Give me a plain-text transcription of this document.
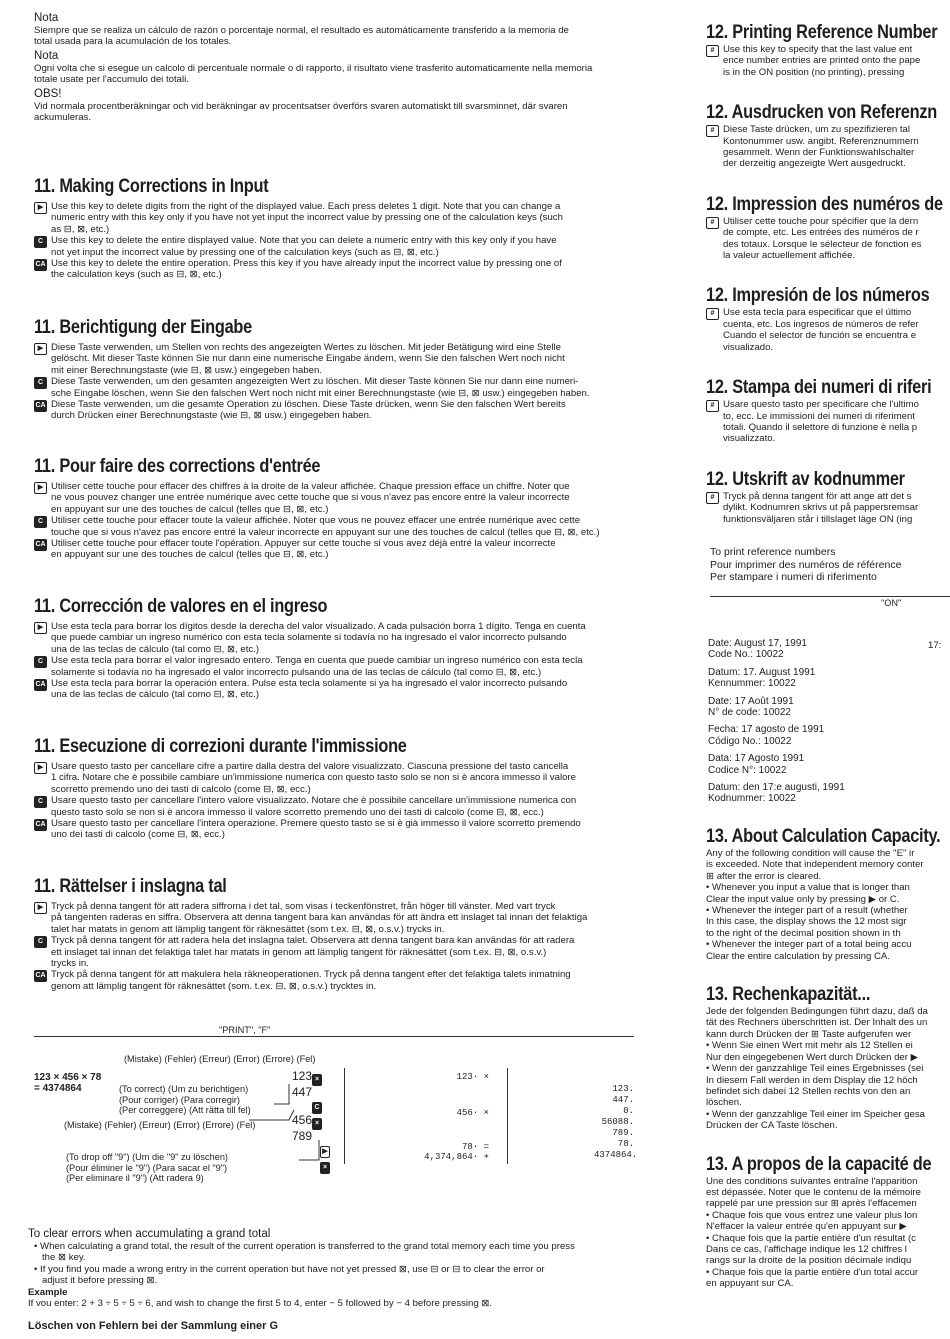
Nota
Siempre que se realiza un cálculo de razón o porcentaje normal, el resultado es automáticamente transferido a la memoria de
total usada para la acumulación de los totales.
Nota
Ogni volta che si esegue un calcolo di percentuale normale o di rapporto, il risultato viene trasferito automaticamente nella memoria
totale usate per l'accumulo dei totali.
OBS!
Vid normala procentberäkningar och vid beräkningar av procentsatser överförs svaren automatiskt till svarsminnet, där svaren
ackumuleras.
11. Making Corrections in Input
▶ Use this key to delete digits from the right of the displayed value. Each press deletes 1 digit. Note that you can change a
numeric entry with this key only if you have not yet input the incorrect value by pressing one of the calculation keys (such
as ⊟, ⊠, etc.)
C Use this key to delete the entire displayed value. Note that you can delete a numeric entry with this key only if you have
not yet input the incorrect value by pressing one of the calculation keys (such as ⊟, ⊠, etc.)
CA Use this key to delete the entire operation. Press this key if you have already input the incorrect value by pressing one of
the calculation keys (such as ⊟, ⊠, etc.)
11. Berichtigung der Eingabe
▶ Diese Taste verwenden, um Stellen von rechts des angezeigten Wertes zu löschen. Mit jeder Betätigung wird eine Stelle
gelöscht. Mit dieser Taste können Sie nur dann eine numerische Eingabe ändern, wenn Sie den falschen Wert noch nicht
mit einer Berechnungstaste (wie ⊟, ⊠ usw.) eingegeben haben.
C Diese Taste verwenden, um den gesamten angezeigten Wert zu löschen. Mit dieser Taste können Sie nur dann eine numeri-
sche Eingabe löschen, wenn Sie den falschen Wert noch nicht mit einer Berechnungstaste (wie ⊟, ⊠ usw.) eingegeben haben.
CA Diese Taste verwenden, um die gesamte Operation zu löschen. Diese Taste drücken, wenn Sie den falschen Wert bereits
durch Drücken einer Berechnungstaste (wie ⊟, ⊠ usw.) eingegeben haben.
11. Pour faire des corrections d'entrée
▶ Utiliser cette touche pour effacer des chiffres à la droite de la valeur affichée. Chaque pression efface un chiffre. Noter que
ne vous pouvez changer une entrée numérique avec cette touche que si vous n'avez pas encore entré la valeur incorrecte
en appuyant sur une des touches de calcul (telles que ⊟, ⊠, etc.)
C Utiliser cette touche pour effacer toute la valeur affichée. Noter que vous ne pouvez effacer une entrée numérique avec cette
touche que si vous n'avez pas encore entré la valeur incorrecte en appuyant sur une des touches de calcul (telles que ⊟, ⊠, etc.)
CA Utiliser cette touche pour effacer toute l'opération. Appuyer sur cette touche si vous avez déjà entré la valeur incorrecte
en appuyant sur une des touches de calcul (telles que ⊟, ⊠, etc.)
11. Corrección de valores en el ingreso
▶ Use esta tecla para borrar los dígitos desde la derecha del valor visualizado. A cada pulsación borra 1 dígito. Tenga en cuenta
que puede cambiar un ingreso numérico con esta tecla solamente si todavía no ha ingresado el valor incorrecto pulsando
una de las teclas de cálculo (tal como ⊟, ⊠, etc.)
C Use esta tecla para borrar el valor ingresado entero. Tenga en cuenta que puede cambiar un ingreso numérico con esta tecla
solamente si todavía no ha ingresado el valor incorrecto pulsando una de las teclas de cálculo (tal como ⊟, ⊠, etc.)
CA Use esta tecla para borrar la operación entera. Pulse esta tecla solamente si ya ha ingresado el valor incorrecto pulsando
una de las teclas de cálculo (tal como ⊟, ⊠, etc.)
11. Esecuzione di correzioni durante l'immissione
▶ Usare questo tasto per cancellare cifre a partire dalla destra del valore visualizzato. Ciascuna pressione del tasto cancella
1 cifra. Notare che è possibile cambiare un'immissione numerica con questo tasto solo se non si è ancora immesso il valore
scorretto premendo uno dei tasti di calcolo (come ⊟, ⊠, ecc.)
C Usare questo tasto per cancellare l'intero valore visualizzato. Notare che è possibile cancellare un'immissione numerica con
questo tasto solo se non si è ancora immesso il valore scorretto premendo uno dei tasti di calcolo (come ⊟, ⊠, ecc.)
CA Usare questo tasto per cancellare l'intera operazione. Premere questo tasto se si è già immesso il valore scorretto premendo
uno dei tasti di calcolo (come ⊟, ⊠, ecc.)
11. Rättelser i inslagna tal
▶ Tryck på denna tangent för att radera siffrorna i det tal, som visas i teckenfönstret, från höger till vänster. Med vart tryck
på tangenten raderas en siffra. Observera att denna tangent bara kan användas för att ändra ett inslaget tal innan det felaktiga
talet har matats in genom att lämplig tangent för räknesättet (som t.ex. ⊟, ⊠, o.s.v.) trycks in.
C Tryck på denna tangent för att radera hela det inslagna talet. Observera att denna tangent bara kan användas för att radera
ett inslaget tal innan det felaktiga talet har matats in genom att lämplig tangent för räknesättet (som t.ex. ⊟, ⊠, o.s.v.)
trycks in.
CA Tryck på denna tangent för att makulera hela räkneoperationen. Tryck på denna tangent efter det felaktiga talets inmatning
genom att lämplig tangent för räknesättet (som. t.ex. ⊟, ⊠, o.s.v.) trycktes in.
"PRINT", "F"
(Mistake) (Fehler) (Erreur) (Error) (Errore) (Fel)
123 × 456 × 78
= 4374864	(To correct) (Um zu berichtigen)
(Pour corriger) (Para corregir)
(Per correggere) (Att rätta till fel)
(Mistake) (Fehler) (Erreur) (Error) (Errore) (Fel)
123 ×
447
C
456 ×
789
▶
×
(To drop off "9") (Um die "9" zu löschen)
(Pour éliminer le "9") (Para sacar el "9")
(Per eliminare il "9") (Att radera 9)
123· ×
456· ×
78· =
4,374,864· ∗
123.
447.
0.
56088.
789.
78.
4374864.
To clear errors when accumulating a grand total
• When calculating a grand total, the result of the current operation is transferred to the grand total memory each time you press
the ⊠ key.
• If you find you made a wrong entry in the current operation but have not yet pressed ⊠, use ⊟ or ⊟ to clear the error or
adjust it before pressing ⊠.
Example
If vou enter: 2 + 3 ÷ 5 ÷ 5 ÷ 6, and wish to change the first 5 to 4, enter − 5 followed by − 4 before pressing ⊠.
Löschen von Fehlern bei der Sammlung einer G
12. Printing Reference Number
# Use this key to specify that the last value ent
ence number entries are printed onto the pape
is in the ON position (no printing), pressing
12. Ausdrucken von Referenzn
# Diese Taste drücken, um zu spezifizieren tal
Kontonummer usw. angibt. Referenznummern
gesammelt. Wenn der Funktionswahlschalter
der derzeitig angezeigte Wert ausgedruckt.
12. Impression des numéros de
# Utiliser cette touche pour spécifier que la dern
de compte, etc. Les entrées des numéros de r
des totaux. Lorsque le sélecteur de fonction es
la valeur actuellement affichée.
12. Impresión de los números
# Use esta tecla para especificar que el último
cuenta, etc. Los ingresos de números de refer
Cuando el selector de función se encuentra e
visualizado.
12. Stampa dei numeri di riferi
# Usare questo tasto per specificare che l'ultimo
to, ecc. Le immissioni dei numeri di riferiment
totali. Quando il selettore di funzione è nella p
visualizzato.
12. Utskrift av kodnummer
# Tryck på denna tangent för att ange att det s
dylikt. Kodnumren skrivs ut på pappersremsar
funktionsväljaren står i tillslaget läge ON (ing
To print reference numbers
Pour imprimer des numéros de référence
Per stampare i numeri di riferimento
"ON"
17:
Date: August 17, 1991
Code No.: 10022
Datum: 17. August 1991
Kennummer: 10022
Date: 17 Août 1991
N° de code: 10022
Fecha: 17 agosto de 1991
Código No.: 10022
Data: 17 Agosto 1991
Codice N°: 10022
Datum: den 17:e augusti, 1991
Kodnummer: 10022
13. About Calculation Capacity.
Any of the following condition will cause the "E" ir
is exceeded. Note that independent memory conter
⊞ after the error is cleared.
• Whenever you input a value that is longer than
Clear the input value only by pressing ▶ or C.
• Whenever the integer part of a result (whether
In this case, the display shows the 12 most sigr
to the right of the decimal position shown in th
• Whenever the integer part of a total being accu
Clear the entire calculation by pressing CA.
13. Rechenkapazität...
Jede der folgenden Bedingungen führt dazu, daß da
tät des Rechners überschritten ist. Der Inhalt des un
kann durch Drücken der ⊞ Taste aufgerufen wer
• Wenn Sie einen Wert mit mehr als 12 Stellen ei
Nur den eingegebenen Wert durch Drücken der ▶
• Wenn der ganzzahlige Teil eines Ergebnisses (sei
In diesem Fall werden in dem Display die 12 höch
befindet sich dabei 12 Stellen rechts von den an
löschen.
• Wenn der ganzzahlige Teil einer im Speicher gesa
Drücken der CA Taste löschen.
13. A propos de la capacité de
Une des conditions suivantes entraîne l'apparition
est dépassée. Noter que le contenu de la mémoire
rappelé par une pression sur ⊞ après l'effacemen
• Chaque fois que vous entrez une valeur plus lon
N'effacer la valeur entrée qu'en appuyant sur ▶
• Chaque fois que la partie entière d'un résultat (c
Dans ce cas, l'affichage indique les 12 chiffres l
rangs sur la droite de la position décimale indiqu
• Chaque fois que la partie entière d'un total accur
en appuyant sur CA.
